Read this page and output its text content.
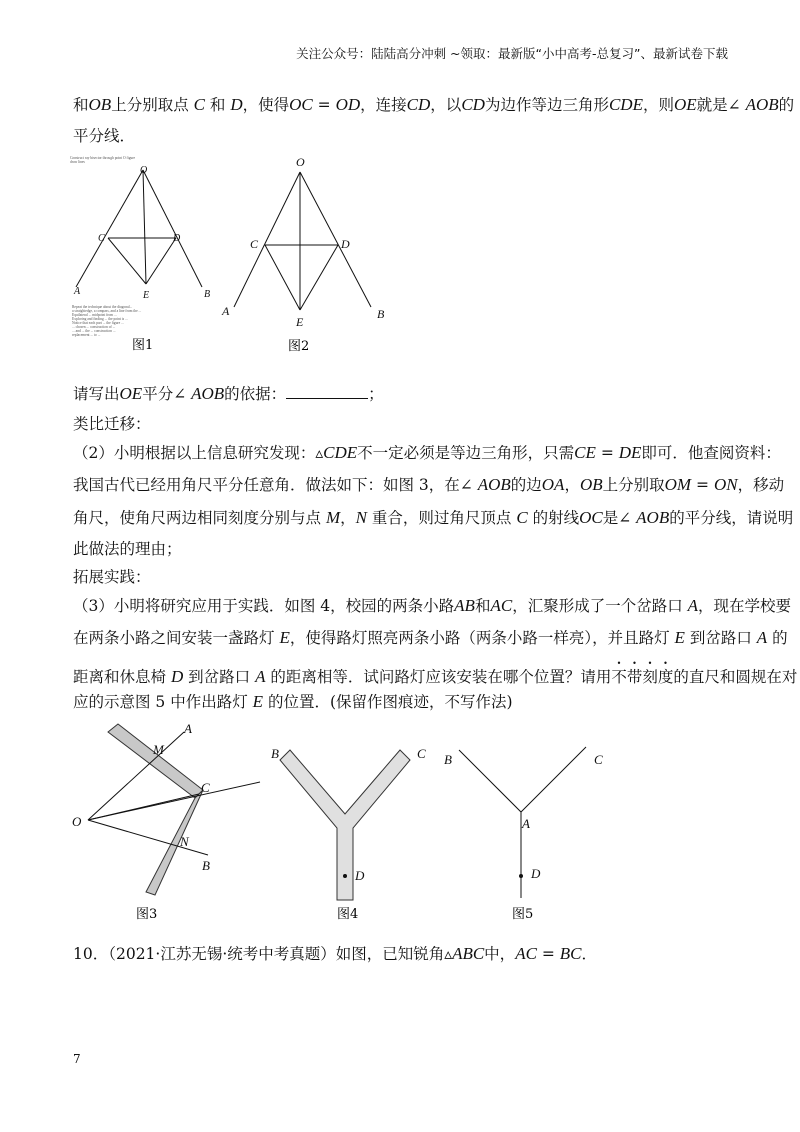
关注公众号：陆陆高分冲刺 ~领取：最新版“小中高考-总复习”、最新试卷下载
和OB上分别取点 C 和 D，使得OC = OD，连接CD，以CD为边作等边三角形CDE，则OE就是∠ AOB的
平分线．
O
C	D
A	B
E
Construct ray bisector through point O figure
draw lines
Repeat the technique about the diagonal...
a straightedge, a compass, and a line from the ...
Equilateral ... midpoint from ...
Exploring and finding ... the point is ...
Notice that each part ... the figure ...
... chosen ... construction of ...
... and ... the ... construction ...
replacement ... to ...
图1
O
C	D
A	B
E
图2
请写出OE平分∠ AOB的依据：	；
类比迁移：
（2）小明根据以上信息研究发现：▵CDE不一定必须是等边三角形，只需CE = DE即可．他查阅资料：
我国古代已经用角尺平分任意角．做法如下：如图 3，在∠ AOB的边OA，OB上分别取OM = ON，移动
角尺，使角尺两边相同刻度分别与点 M，N 重合，则过角尺顶点 C 的射线OC是∠ AOB的平分线，请说明
此做法的理由；
拓展实践：
（3）小明将研究应用于实践．如图 4，校园的两条小路AB和AC，汇聚形成了一个岔路口 A，现在学校要
在两条小路之间安装一盏路灯 E，使得路灯照亮两条小路（两条小路一样亮），并且路灯 E 到岔路口 A 的
距离和休息椅 D 到岔路口 A 的距离相等．试问路灯应该安装在哪个位置？请用不带刻度的直尺和圆规在对
应的示意图 5 中作出路灯 E 的位置．(保留作图痕迹，不写作法)
A
M
C
O
N
B
图3
B	C
D
图4
B	C
A
D
图5
10．（2021·江苏无锡·统考中考真题）如图，已知锐角▵ABC中，AC = BC．
7
